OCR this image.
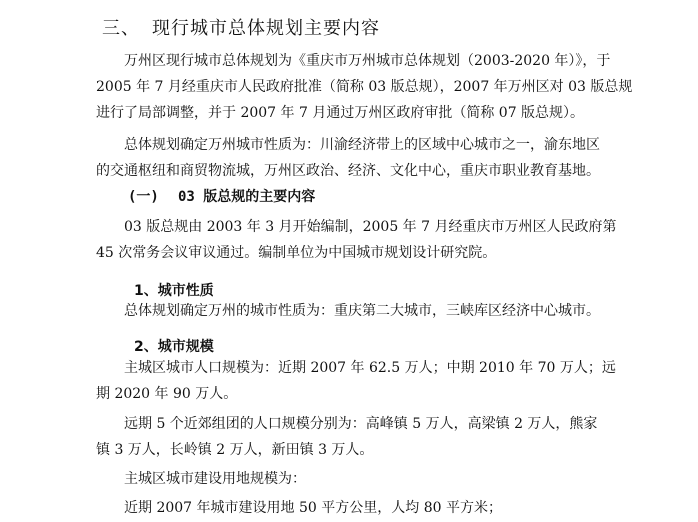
三、 现行城市总体规划主要内容

万州区现行城市总体规划为《重庆市万州城市总体规划（2003-2020 年）》，于
2005 年 7 月经重庆市人民政府批准（简称 03 版总规），2007 年万州区对 03 版总规
进行了局部调整，并于 2007 年 7 月通过万州区政府审批（简称 07 版总规）。

总体规划确定万州城市性质为：川渝经济带上的区域中心城市之一，渝东地区
的交通枢纽和商贸物流城，万州区政治、经济、文化中心，重庆市职业教育基地。

(一) 03 版总规的主要内容

03 版总规由 2003 年 3 月开始编制，2005 年 7 月经重庆市万州区人民政府第
45 次常务会议审议通过。编制单位为中国城市规划设计研究院。

1、城市性质

总体规划确定万州的城市性质为：重庆第二大城市，三峡库区经济中心城市。

2、城市规模

主城区城市人口规模为：近期 2007 年 62.5 万人；中期 2010 年 70 万人；远
期 2020 年 90 万人。

远期 5 个近郊组团的人口规模分别为：高峰镇 5 万人，高梁镇 2 万人，熊家
镇 3 万人，长岭镇 2 万人，新田镇 3 万人。

主城区城市建设用地规模为：

近期 2007 年城市建设用地 50 平方公里，人均 80 平方米；
